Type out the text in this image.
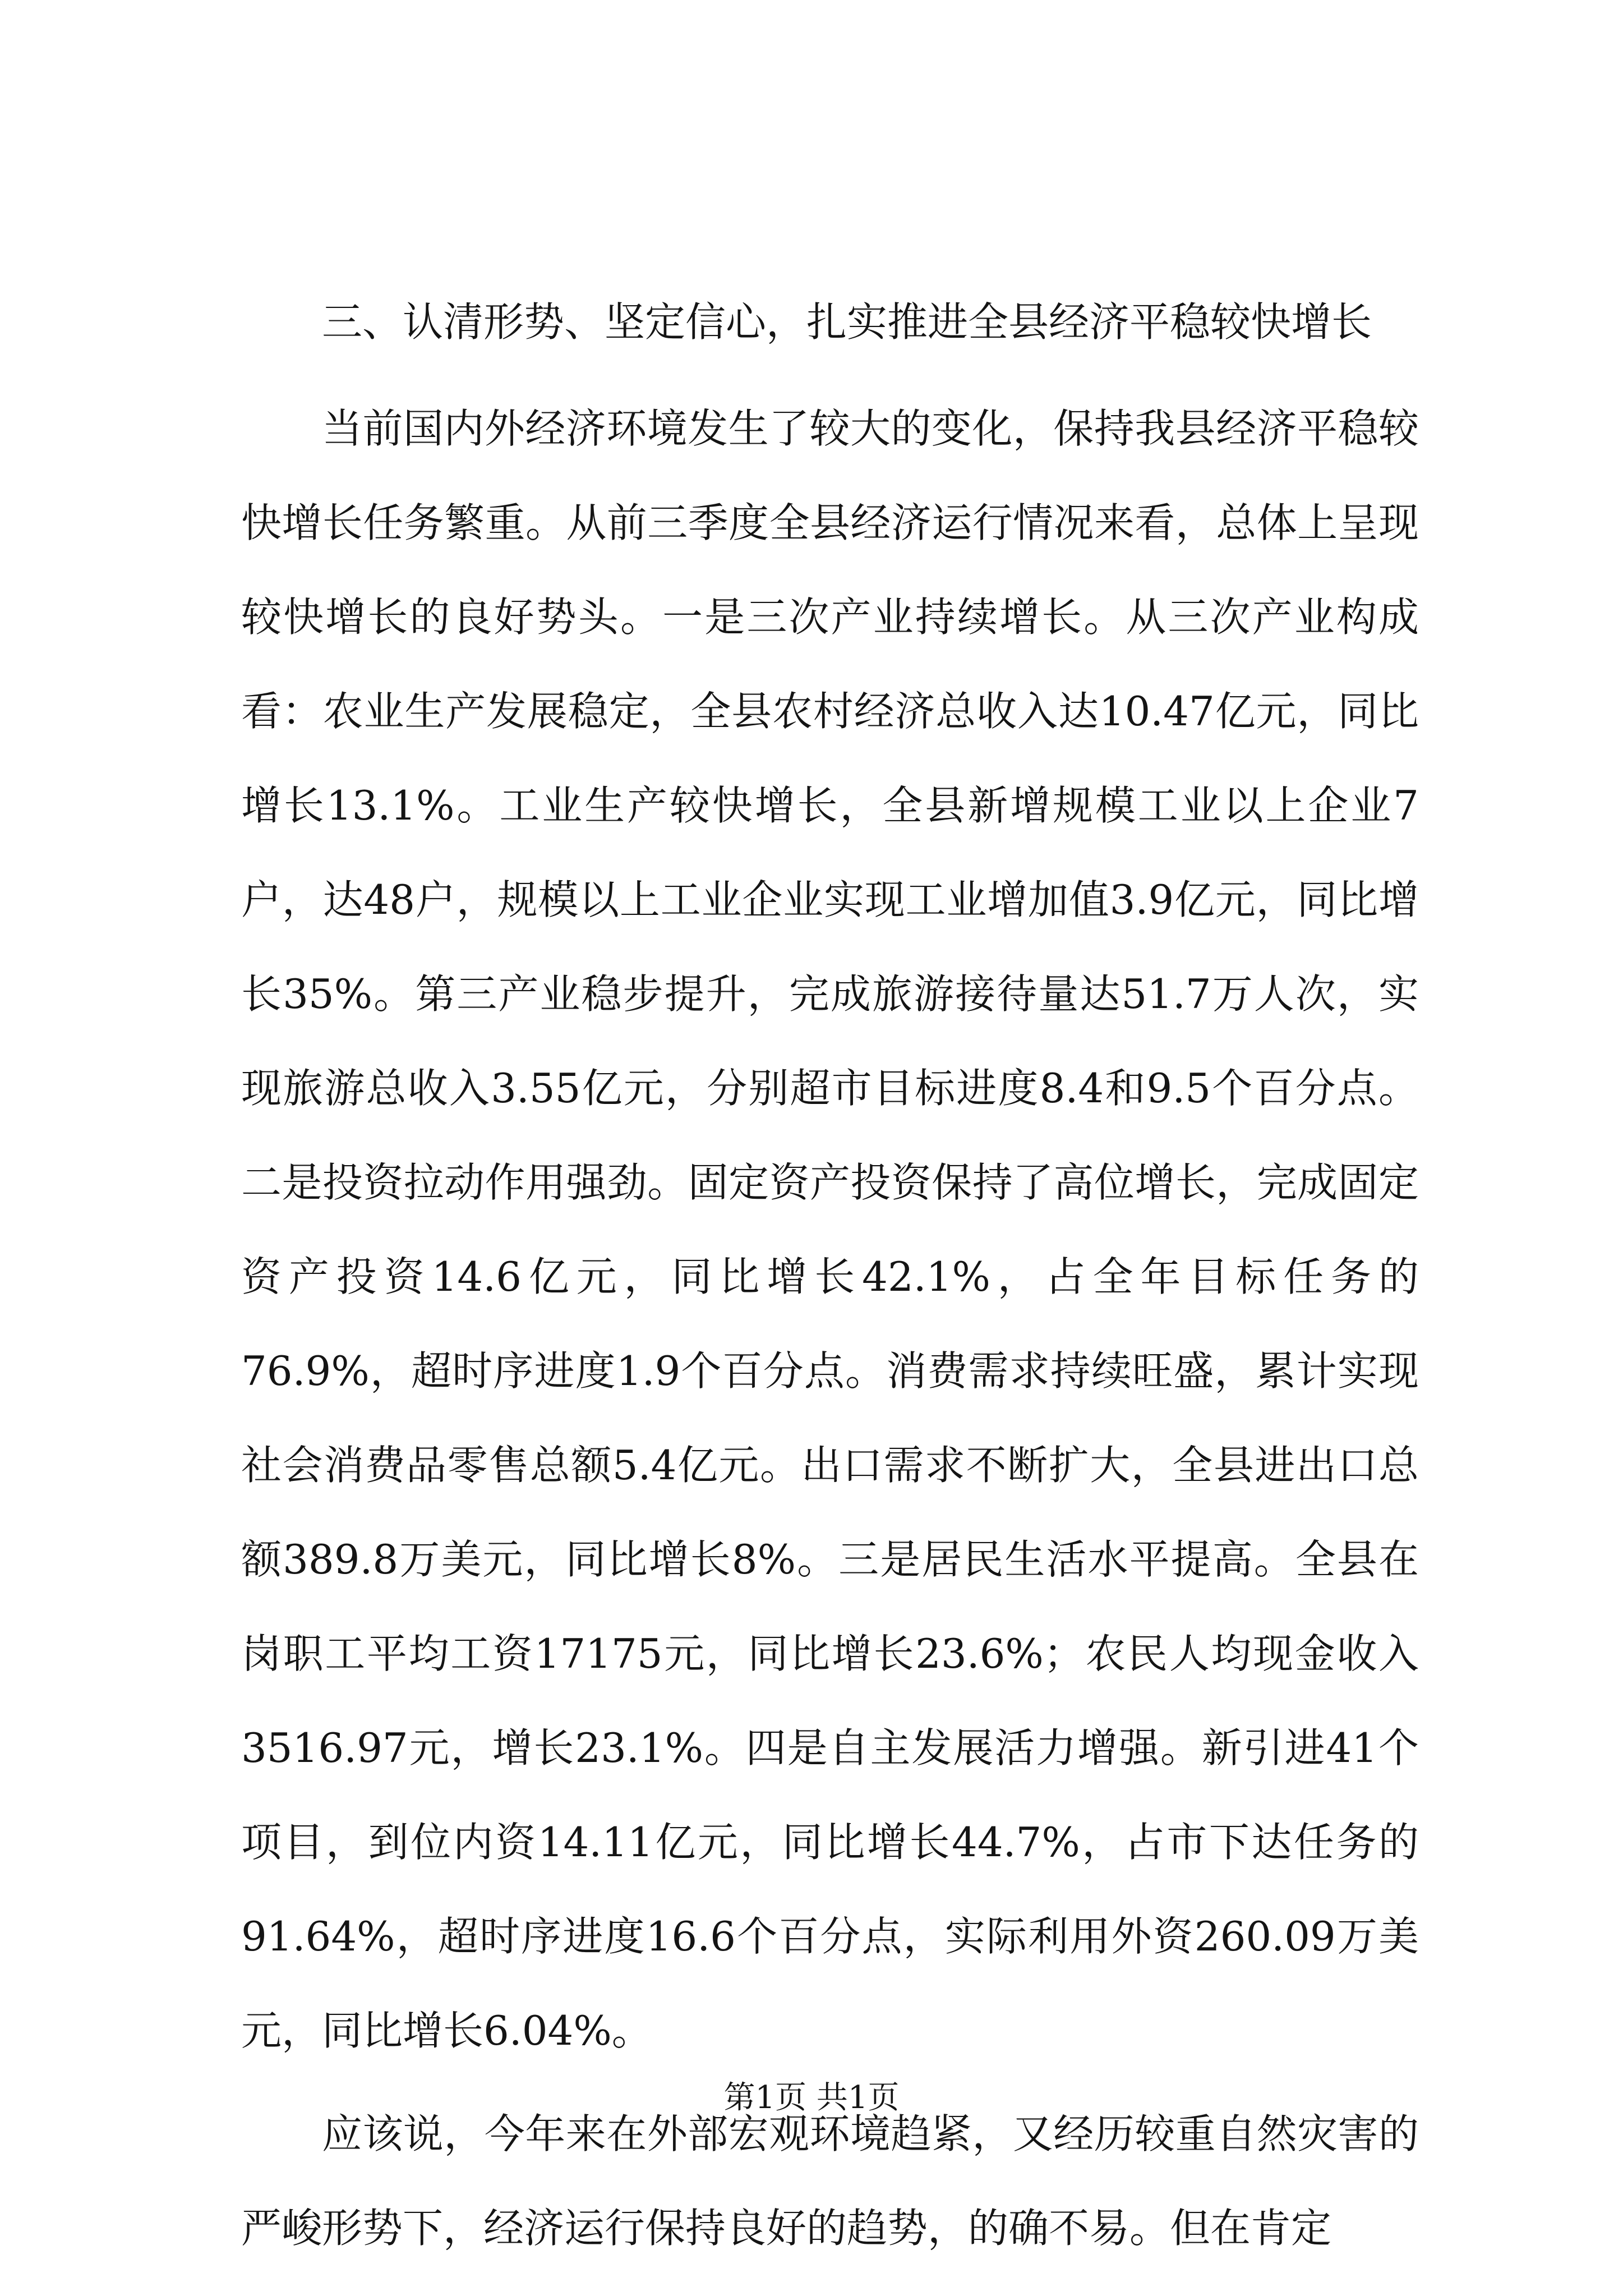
三、认清形势、坚定信心，扎实推进全县经济平稳较快增长

当前国内外经济环境发生了较大的变化，保持我县经济平稳较快增长任务繁重。从前三季度全县经济运行情况来看，总体上呈现较快增长的良好势头。一是三次产业持续增长。从三次产业构成看：农业生产发展稳定，全县农村经济总收入达10.47亿元，同比增长13.1%。工业生产较快增长，全县新增规模工业以上企业7户，达48户，规模以上工业企业实现工业增加值3.9亿元，同比增长35%。第三产业稳步提升，完成旅游接待量达51.7万人次，实现旅游总收入3.55亿元，分别超市目标进度8.4和9.5个百分点。二是投资拉动作用强劲。固定资产投资保持了高位增长，完成固定资产投资14.6亿元，同比增长42.1%，占全年目标任务的76.9%，超时序进度1.9个百分点。消费需求持续旺盛，累计实现社会消费品零售总额5.4亿元。出口需求不断扩大，全县进出口总额389.8万美元，同比增长8%。三是居民生活水平提高。全县在岗职工平均工资17175元，同比增长23.6%；农民人均现金收入3516.97元，增长23.1%。四是自主发展活力增强。新引进41个项目，到位内资14.11亿元，同比增长44.7%，占市下达任务的91.64%，超时序进度16.6个百分点，实际利用外资260.09万美元，同比增长6.04%。

应该说，今年来在外部宏观环境趋紧，又经历较重自然灾害的严峻形势下，经济运行保持良好的趋势，的确不易。但在肯定

第1页 共1页
